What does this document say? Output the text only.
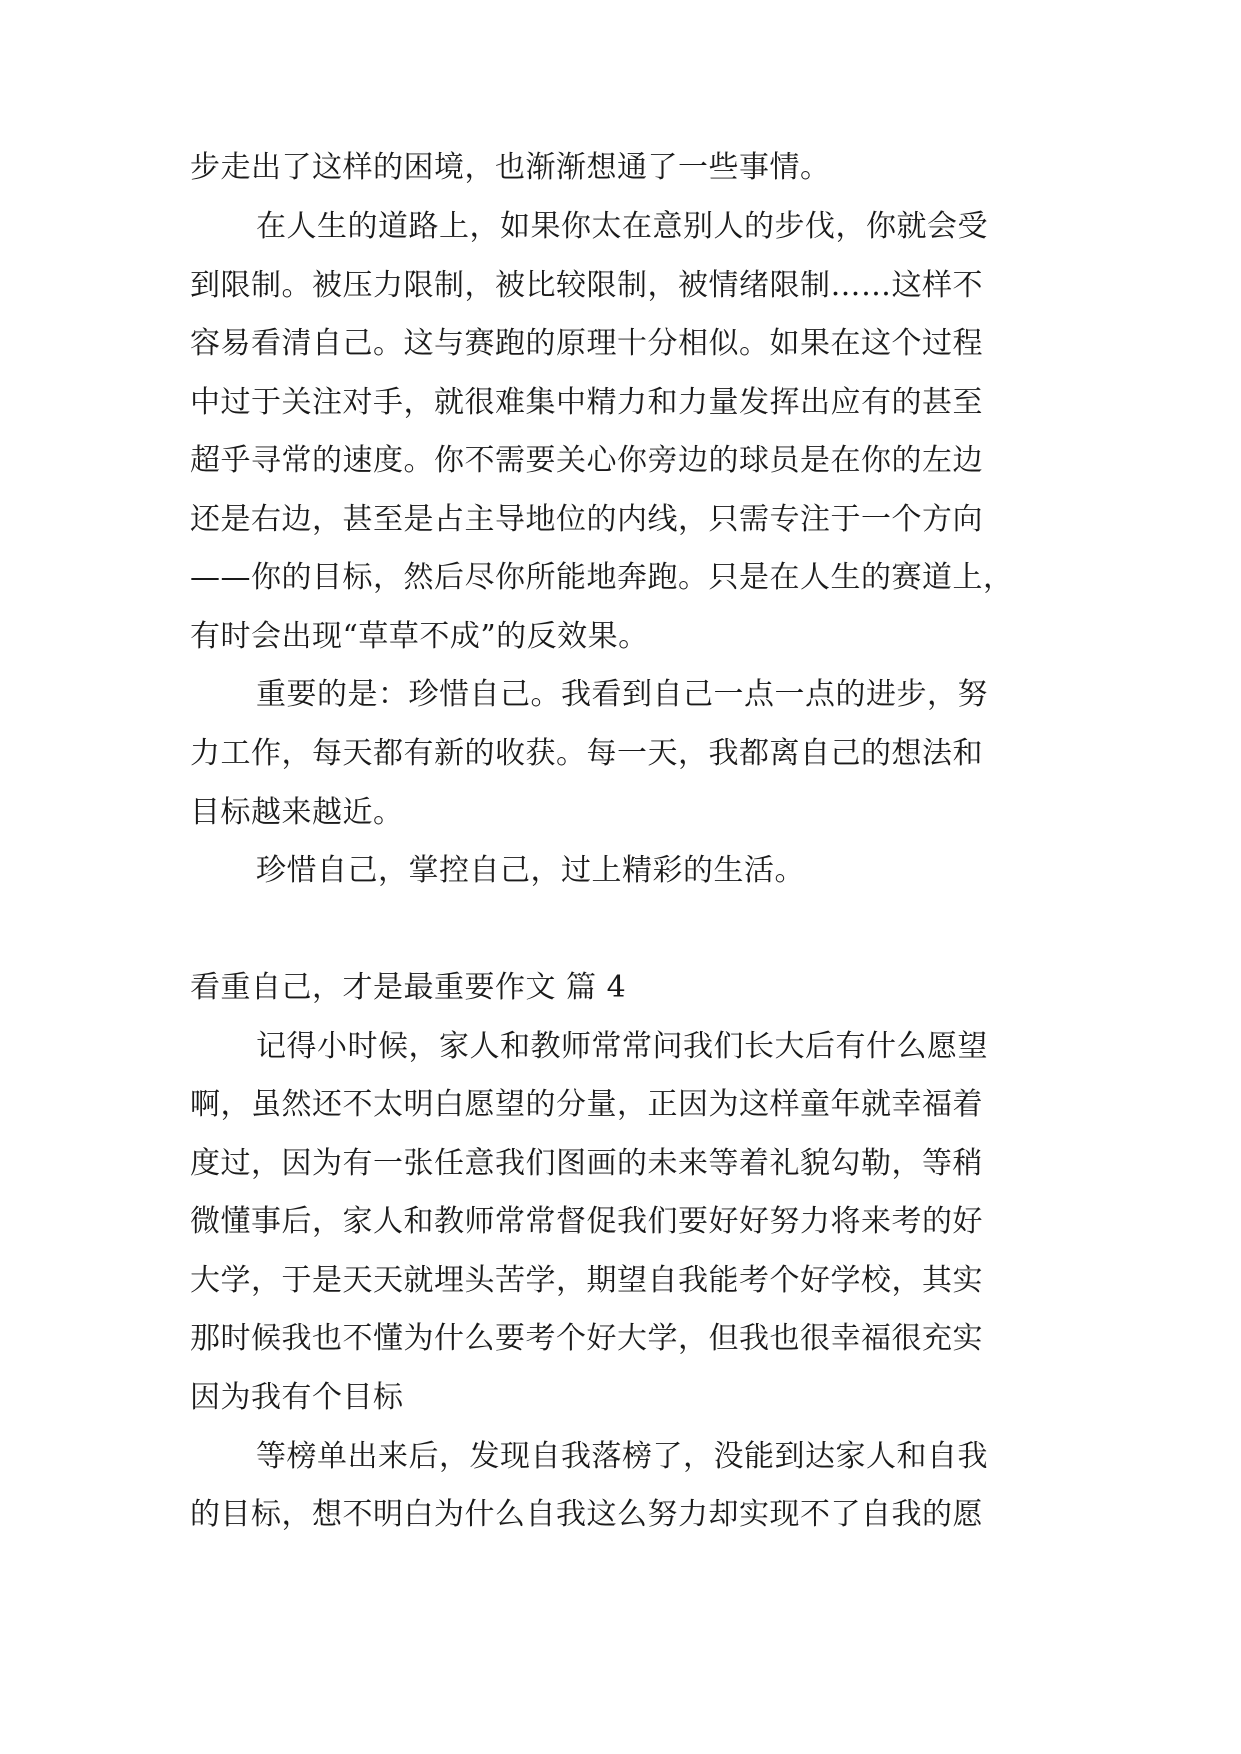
步走出了这样的困境，也渐渐想通了一些事情。
在人生的道路上，如果你太在意别人的步伐，你就会受
到限制。被压力限制，被比较限制，被情绪限制……这样不
容易看清自己。这与赛跑的原理十分相似。如果在这个过程
中过于关注对手，就很难集中精力和力量发挥出应有的甚至
超乎寻常的速度。你不需要关心你旁边的球员是在你的左边
还是右边，甚至是占主导地位的内线，只需专注于一个方向
——你的目标，然后尽你所能地奔跑。只是在人生的赛道上，
有时会出现“草草不成”的反效果。
重要的是：珍惜自己。我看到自己一点一点的进步，努
力工作，每天都有新的收获。每一天，我都离自己的想法和
目标越来越近。
珍惜自己，掌控自己，过上精彩的生活。
看重自己，才是最重要作文 篇 4
记得小时候，家人和教师常常问我们长大后有什么愿望
啊，虽然还不太明白愿望的分量，正因为这样童年就幸福着
度过，因为有一张任意我们图画的未来等着礼貌勾勒，等稍
微懂事后，家人和教师常常督促我们要好好努力将来考的好
大学，于是天天就埋头苦学，期望自我能考个好学校，其实
那时候我也不懂为什么要考个好大学，但我也很幸福很充实
因为我有个目标
等榜单出来后，发现自我落榜了，没能到达家人和自我
的目标，想不明白为什么自我这么努力却实现不了自我的愿
